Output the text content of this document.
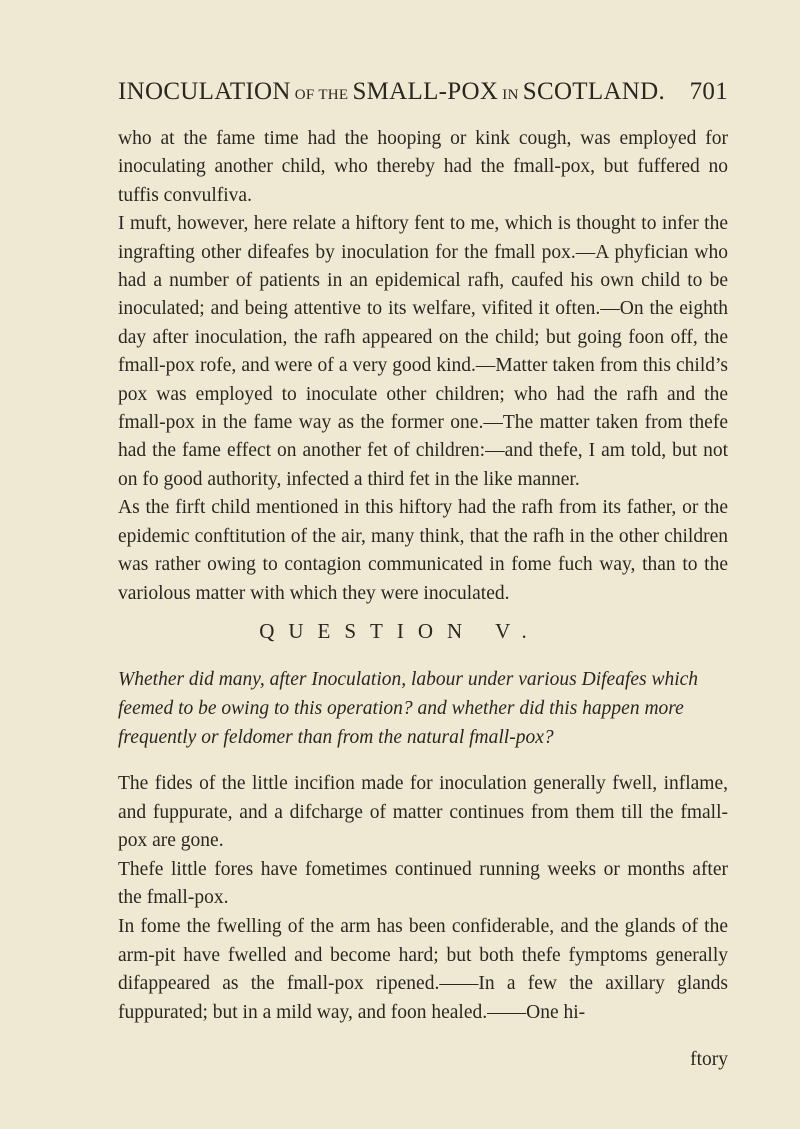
INOCULATION OF THE SMALL-POX IN SCOTLAND. 701

who at the fame time had the hooping or kink cough, was employed for inoculating another child, who thereby had the fmall-pox, but fuffered no tuffis convulfiva.

I muft, however, here relate a hiftory fent to me, which is thought to infer the ingrafting other difeafes by inoculation for the fmall pox.—A phyfician who had a number of patients in an epidemical rafh, caufed his own child to be inoculated; and being attentive to its welfare, vifited it often.—On the eighth day after inoculation, the rafh appeared on the child; but going foon off, the fmall-pox rofe, and were of a very good kind.—Matter taken from this child’s pox was employed to inoculate other children; who had the rafh and the fmall-pox in the fame way as the former one.—The matter taken from thefe had the fame effect on another fet of children:—and thefe, I am told, but not on fo good authority, infected a third fet in the like manner.

As the firft child mentioned in this hiftory had the rafh from its father, or the epidemic conftitution of the air, many think, that the rafh in the other children was rather owing to contagion communicated in fome fuch way, than to the variolous matter with which they were inoculated.

QUESTION V.

Whether did many, after Inoculation, labour under various Difeafes which feemed to be owing to this operation? and whether did this happen more frequently or feldomer than from the natural fmall-pox?

The fides of the little incifion made for inoculation generally fwell, inflame, and fuppurate, and a difcharge of matter continues from them till the fmall-pox are gone.

Thefe little fores have fometimes continued running weeks or months after the fmall-pox.

In fome the fwelling of the arm has been confiderable, and the glands of the arm-pit have fwelled and become hard; but both thefe fymptoms generally difappeared as the fmall-pox ripened.——In a few the axillary glands fuppurated; but in a mild way, and foon healed.——One hi-

ftory
